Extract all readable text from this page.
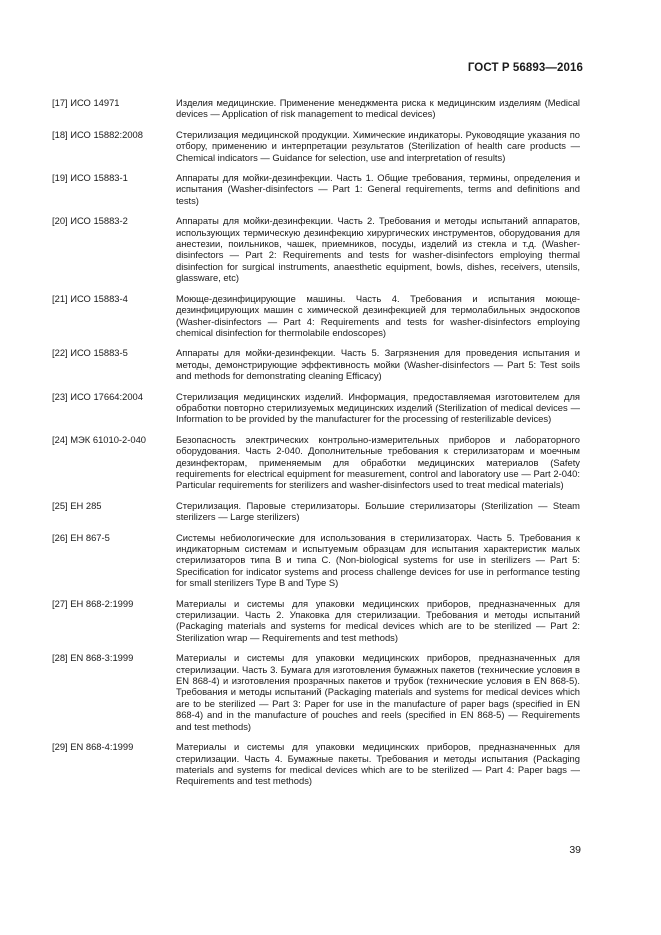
ГОСТ Р 56893—2016
[17] ИСО 14971	Изделия медицинские. Применение менеджмента риска к медицинским изделиям (Medical devices — Application of risk management to medical devices)
[18] ИСО 15882:2008	Стерилизация медицинской продукции. Химические индикаторы. Руководящие указания по отбору, применению и интерпретации результатов (Sterilization of health care products — Chemical indicators — Guidance for selection, use and interpretation of results)
[19] ИСО 15883-1	Аппараты для мойки-дезинфекции. Часть 1. Общие требования, термины, определения и испытания (Washer-disinfectors — Part 1: General requirements, terms and definitions and tests)
[20] ИСО 15883-2	Аппараты для мойки-дезинфекции. Часть 2. Требования и методы испытаний аппаратов, использующих термическую дезинфекцию хирургических инструментов, оборудования для анестезии, поильников, чашек, приемников, посуды, изделий из стекла и т.д. (Washer-disinfectors — Part 2: Requirements and tests for washer-disinfectors employing thermal disinfection for surgical instruments, anaesthetic equipment, bowls, dishes, receivers, utensils, glassware, etc)
[21] ИСО 15883-4	Моюще-дезинфицирующие машины. Часть 4. Требования и испытания моюще-дезинфицирующих машин с химической дезинфекцией для термолабильных эндоскопов (Washer-disinfectors — Part 4: Requirements and tests for washer-disinfectors employing chemical disinfection for thermolabile endoscopes)
[22] ИСО 15883-5	Аппараты для мойки-дезинфекции. Часть 5. Загрязнения для проведения испытания и методы, демонстрирующие эффективность мойки (Washer-disinfectors — Part 5: Test soils and methods for demonstrating cleaning Efficacy)
[23] ИСО 17664:2004	Стерилизация медицинских изделий. Информация, предоставляемая изготовителем для обработки повторно стерилизуемых медицинских изделий (Sterilization of medical devices — Information to be provided by the manufacturer for the processing of resterilizable devices)
[24] МЭК 61010-2-040	Безопасность электрических контрольно-измерительных приборов и лабораторного оборудования. Часть 2-040. Дополнительные требования к стерилизаторам и моечным дезинфекторам, применяемым для обработки медицинских материалов (Safety requirements for electrical equipment for measurement, control and laboratory use — Part 2-040: Particular requirements for sterilizers and washer-disinfectors used to treat medical materials)
[25] ЕН 285	Стерилизация. Паровые стерилизаторы. Большие стерилизаторы (Sterilization — Steam sterilizers — Large sterilizers)
[26] ЕН 867-5	Системы небиологические для использования в стерилизаторах. Часть 5. Требования к индикаторным системам и испытуемым образцам для испытания характеристик малых стерилизаторов типа В и типа С. (Non-biological systems for use in sterilizers — Part 5: Specification for indicator systems and process challenge devices for use in performance testing for small sterilizers Type B and Type S)
[27] ЕН 868-2:1999	Материалы и системы для упаковки медицинских приборов, предназначенных для стерилизации. Часть 2. Упаковка для стерилизации. Требования и методы испытаний (Packaging materials and systems for medical devices which are to be sterilized — Part 2: Sterilization wrap — Requirements and test methods)
[28] EN 868-3:1999	Материалы и системы для упаковки медицинских приборов, предназначенных для стерилизации. Часть 3. Бумага для изготовления бумажных пакетов (технические условия в EN 868-4) и изготовления прозрачных пакетов и трубок (технические условия в EN 868-5). Требования и методы испытаний (Packaging materials and systems for medical devices which are to be sterilized — Part 3: Paper for use in the manufacture of paper bags (specified in EN 868-4) and in the manufacture of pouches and reels (specified in EN 868-5) — Requirements and test methods)
[29] EN 868-4:1999	Материалы и системы для упаковки медицинских приборов, предназначенных для стерилизации. Часть 4. Бумажные пакеты. Требования и методы испытания (Packaging materials and systems for medical devices which are to be sterilized — Part 4: Paper bags — Requirements and test methods)
39
